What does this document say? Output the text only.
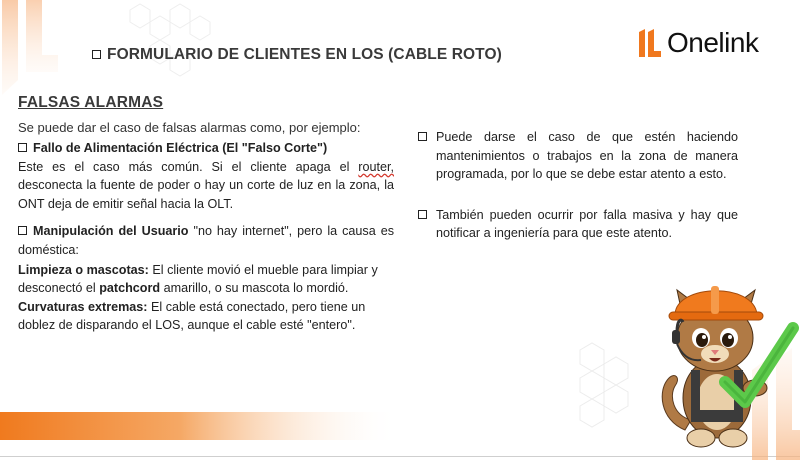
FORMULARIO DE CLIENTES EN LOS (CABLE ROTO)	Onelink
FALSAS ALARMAS
Se puede dar el caso de falsas alarmas como, por ejemplo:
Fallo de Alimentación Eléctrica (El "Falso Corte")
Este es el caso más común. Si el cliente apaga el router, desconecta la fuente de poder o hay un corte de luz en la zona, la ONT deja de emitir señal hacia la OLT.
Manipulación del Usuario "no hay internet", pero la causa es doméstica:
Limpieza o mascotas: El cliente movió el mueble para limpiar y desconectó el patchcord amarillo, o su mascota lo mordió.
Curvaturas extremas: El cable está conectado, pero tiene un doblez de disparando el LOS, aunque el cable esté "entero".
Puede darse el caso de que estén haciendo mantenimientos o trabajos en la zona de manera programada, por lo que se debe estar atento a esto.
También pueden ocurrir por falla masiva y hay que notificar a ingeniería para que este atento.
